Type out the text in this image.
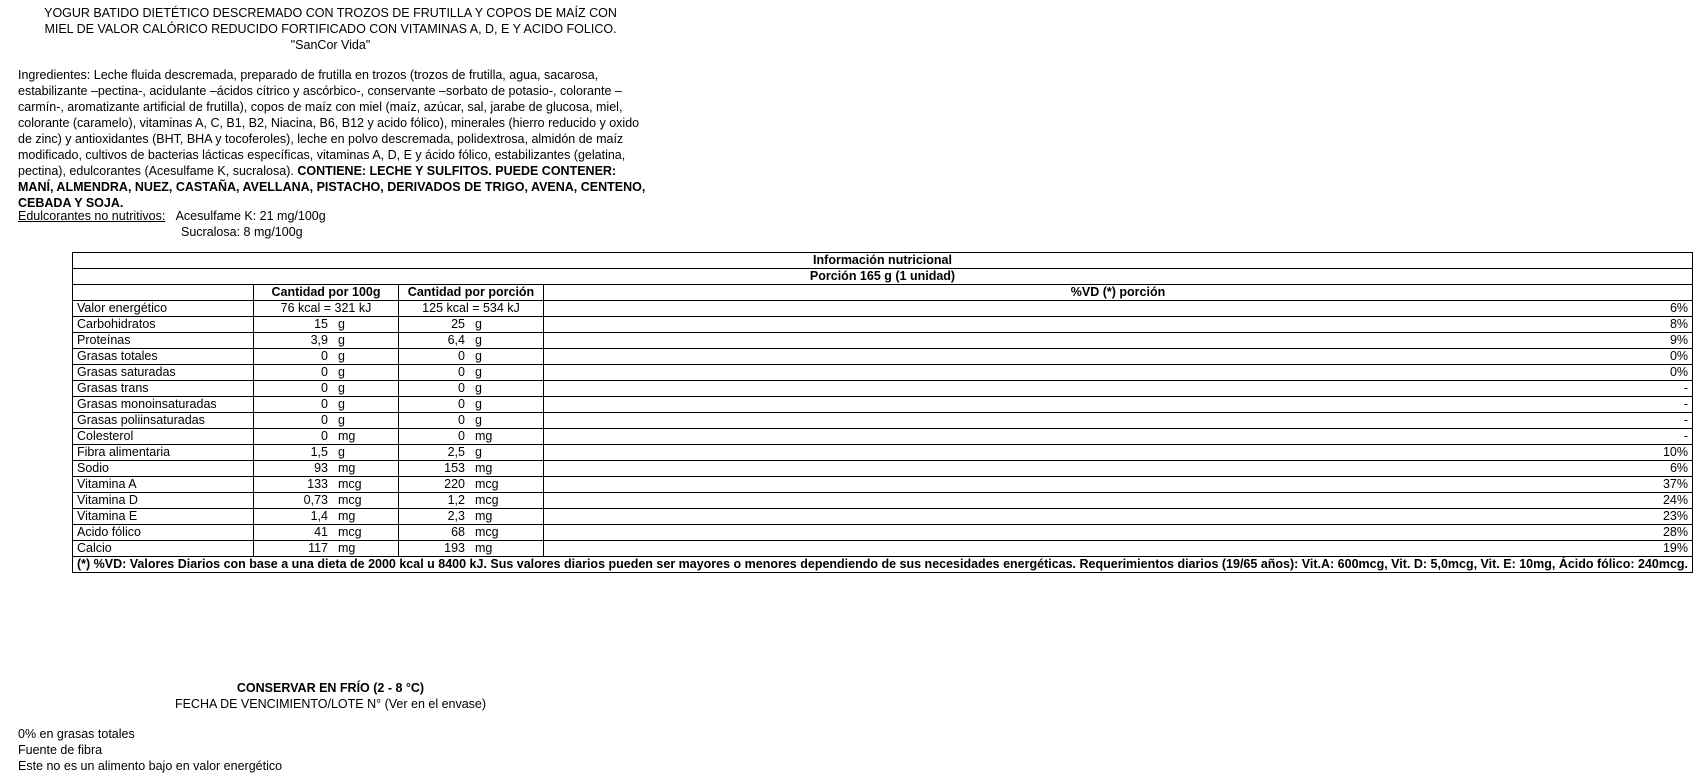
YOGUR BATIDO DIETÉTICO DESCREMADO CON TROZOS DE FRUTILLA Y COPOS DE MAÍZ CON
MIEL DE VALOR CALÓRICO REDUCIDO FORTIFICADO CON VITAMINAS A, D, E Y ACIDO FOLICO.
"SanCor Vida"
Ingredientes: Leche fluida descremada, preparado de frutilla en trozos (trozos de frutilla, agua, sacarosa, estabilizante –pectina-, acidulante –ácidos cítrico y ascórbico-, conservante –sorbato de potasio-, colorante –carmín-, aromatizante artificial de frutilla), copos de maíz con miel (maíz, azúcar, sal, jarabe de glucosa, miel, colorante (caramelo), vitaminas A, C, B1, B2, Niacina, B6, B12 y acido fólico), minerales (hierro reducido y oxido de zinc) y antioxidantes (BHT, BHA y tocoferoles), leche en polvo descremada, polidextrosa, almidón de maíz modificado, cultivos de bacterias lácticas específicas, vitaminas A, D, E y ácido fólico, estabilizantes (gelatina, pectina), edulcorantes (Acesulfame K, sucralosa). CONTIENE: LECHE Y SULFITOS. PUEDE CONTENER: MANÍ, ALMENDRA, NUEZ, CASTAÑA, AVELLANA, PISTACHO, DERIVADOS DE TRIGO, AVENA, CENTENO, CEBADA Y SOJA.
Edulcorantes no nutritivos: Acesulfame K: 21 mg/100g
Sucralosa: 8 mg/100g
Información nutricional			
Porción 165 g (1 unidad)			
	Cantidad por 100g	Cantidad por porción	%VD (*) porción
Valor energético	76 kcal = 321 kJ	125 kcal = 534 kJ	6%
Carbohidratos	15 g	25 g	8%
Proteínas	3,9 g	6,4 g	9%
Grasas totales	0 g	0 g	0%
Grasas saturadas	0 g	0 g	0%
Grasas trans	0 g	0 g	-
Grasas monoinsaturadas	0 g	0 g	-
Grasas poliinsaturadas	0 g	0 g	-
Colesterol	0 mg	0 mg	-
Fibra alimentaria	1,5 g	2,5 g	10%
Sodio	93 mg	153 mg	6%
Vitamina A	133 mcg	220 mcg	37%
Vitamina D	0,73 mcg	1,2 mcg	24%
Vitamina E	1,4 mg	2,3 mg	23%
Acido fólico	41 mcg	68 mcg	28%
Calcio	117 mg	193 mg	19%
(*) %VD: Valores Diarios con base a una dieta de 2000 kcal u 8400 kJ. Sus valores diarios pueden ser mayores o menores dependiendo de sus necesidades energéticas. Requerimientos diarios (19/65 años): Vit.A: 600mcg, Vit. D: 5,0mcg, Vit. E: 10mg, Ácido fólico: 240mcg.			
CONSERVAR EN FRÍO (2 - 8 °C)
FECHA DE VENCIMIENTO/LOTE N° (Ver en el envase)
0% en grasas totales
Fuente de fibra
Este no es un alimento bajo en valor energético
